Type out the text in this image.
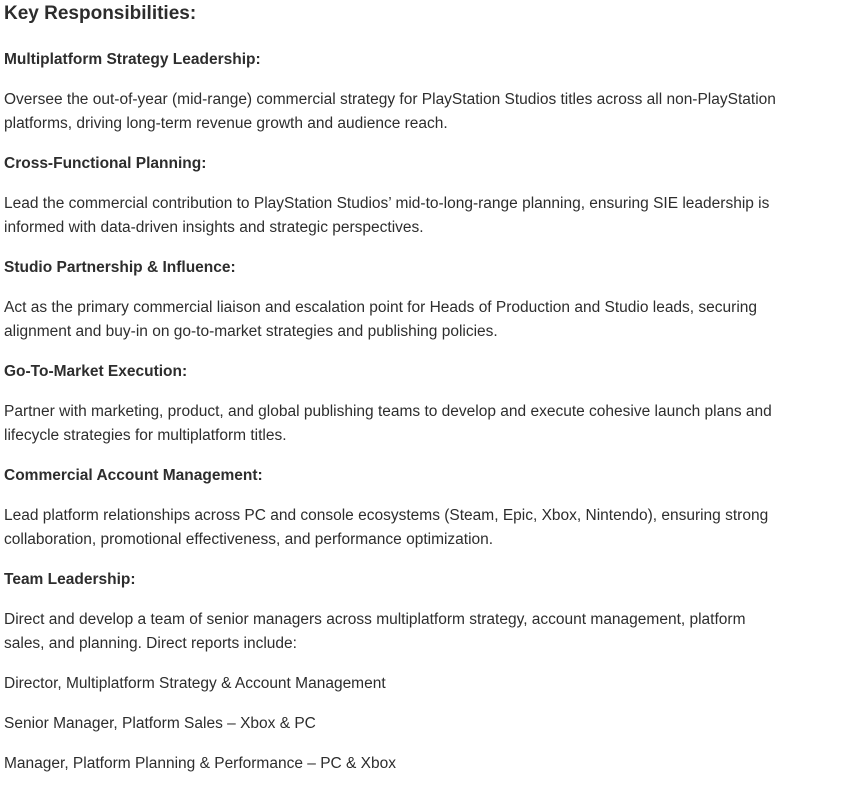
Key Responsibilities:
Multiplatform Strategy Leadership:

Oversee the out-of-year (mid-range) commercial strategy for PlayStation Studios titles across all non-PlayStation
platforms, driving long-term revenue growth and audience reach.

Cross-Functional Planning:

Lead the commercial contribution to PlayStation Studios’ mid-to-long-range planning, ensuring SIE leadership is
informed with data-driven insights and strategic perspectives.

Studio Partnership & Influence:

Act as the primary commercial liaison and escalation point for Heads of Production and Studio leads, securing
alignment and buy-in on go-to-market strategies and publishing policies.

Go-To-Market Execution:

Partner with marketing, product, and global publishing teams to develop and execute cohesive launch plans and
lifecycle strategies for multiplatform titles.

Commercial Account Management:

Lead platform relationships across PC and console ecosystems (Steam, Epic, Xbox, Nintendo), ensuring strong
collaboration, promotional effectiveness, and performance optimization.

Team Leadership:

Direct and develop a team of senior managers across multiplatform strategy, account management, platform
sales, and planning. Direct reports include:

Director, Multiplatform Strategy & Account Management

Senior Manager, Platform Sales – Xbox & PC

Manager, Platform Planning & Performance – PC & Xbox
